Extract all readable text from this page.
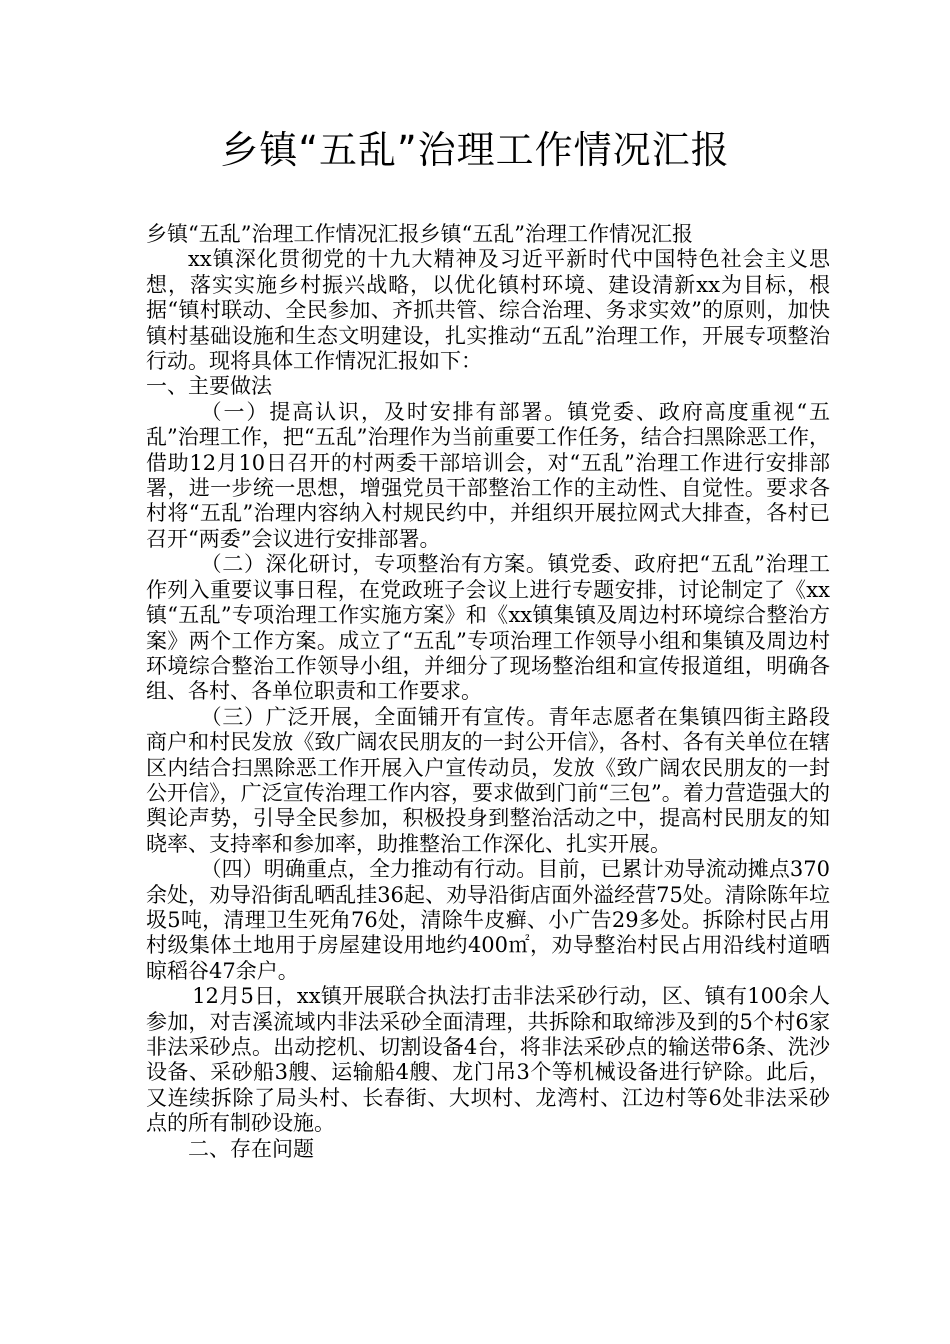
乡镇“五乱”治理工作情况汇报

乡镇“五乱”治理工作情况汇报乡镇“五乱”治理工作情况汇报

xx镇深化贯彻党的十九大精神及习近平新时代中国特色社会主义思想，落实实施乡村振兴战略，以优化镇村环境、建设清新xx为目标，根据“镇村联动、全民参加、齐抓共管、综合治理、务求实效”的原则，加快镇村基础设施和生态文明建设，扎实推动“五乱”治理工作，开展专项整治行动。现将具体工作情况汇报如下：

一、主要做法

（一）提高认识，及时安排有部署。镇党委、政府高度重视“五乱”治理工作，把“五乱”治理作为当前重要工作任务，结合扫黑除恶工作，借助12月10日召开的村两委干部培训会，对“五乱”治理工作进行安排部署，进一步统一思想，增强党员干部整治工作的主动性、自觉性。要求各村将“五乱”治理内容纳入村规民约中，并组织开展拉网式大排查，各村已召开“两委”会议进行安排部署。

（二）深化研讨，专项整治有方案。镇党委、政府把“五乱”治理工作列入重要议事日程，在党政班子会议上进行专题安排，讨论制定了《xx镇“五乱”专项治理工作实施方案》和《xx镇集镇及周边村环境综合整治方案》两个工作方案。成立了“五乱”专项治理工作领导小组和集镇及周边村环境综合整治工作领导小组，并细分了现场整治组和宣传报道组，明确各组、各村、各单位职责和工作要求。

（三）广泛开展，全面铺开有宣传。青年志愿者在集镇四街主路段商户和村民发放《致广阔农民朋友的一封公开信》，各村、各有关单位在辖区内结合扫黑除恶工作开展入户宣传动员，发放《致广阔农民朋友的一封公开信》，广泛宣传治理工作内容，要求做到门前“三包”。着力营造强大的舆论声势，引导全民参加，积极投身到整治活动之中，提高村民朋友的知晓率、支持率和参加率，助推整治工作深化、扎实开展。

（四）明确重点，全力推动有行动。目前，已累计劝导流动摊点370余处，劝导沿街乱晒乱挂36起、劝导沿街店面外溢经营75处。清除陈年垃圾5吨，清理卫生死角76处，清除牛皮癣、小广告29多处。拆除村民占用村级集体土地用于房屋建设用地约400㎡，劝导整治村民占用沿线村道晒晾稻谷47余户。

12月5日，xx镇开展联合执法打击非法采砂行动，区、镇有100余人参加，对吉溪流域内非法采砂全面清理，共拆除和取缔涉及到的5个村6家非法采砂点。出动挖机、切割设备4台，将非法采砂点的输送带6条、洗沙设备、采砂船3艘、运输船4艘、龙门吊3个等机械设备进行铲除。此后，又连续拆除了局头村、长春街、大坝村、龙湾村、江边村等6处非法采砂点的所有制砂设施。

二、存在问题
